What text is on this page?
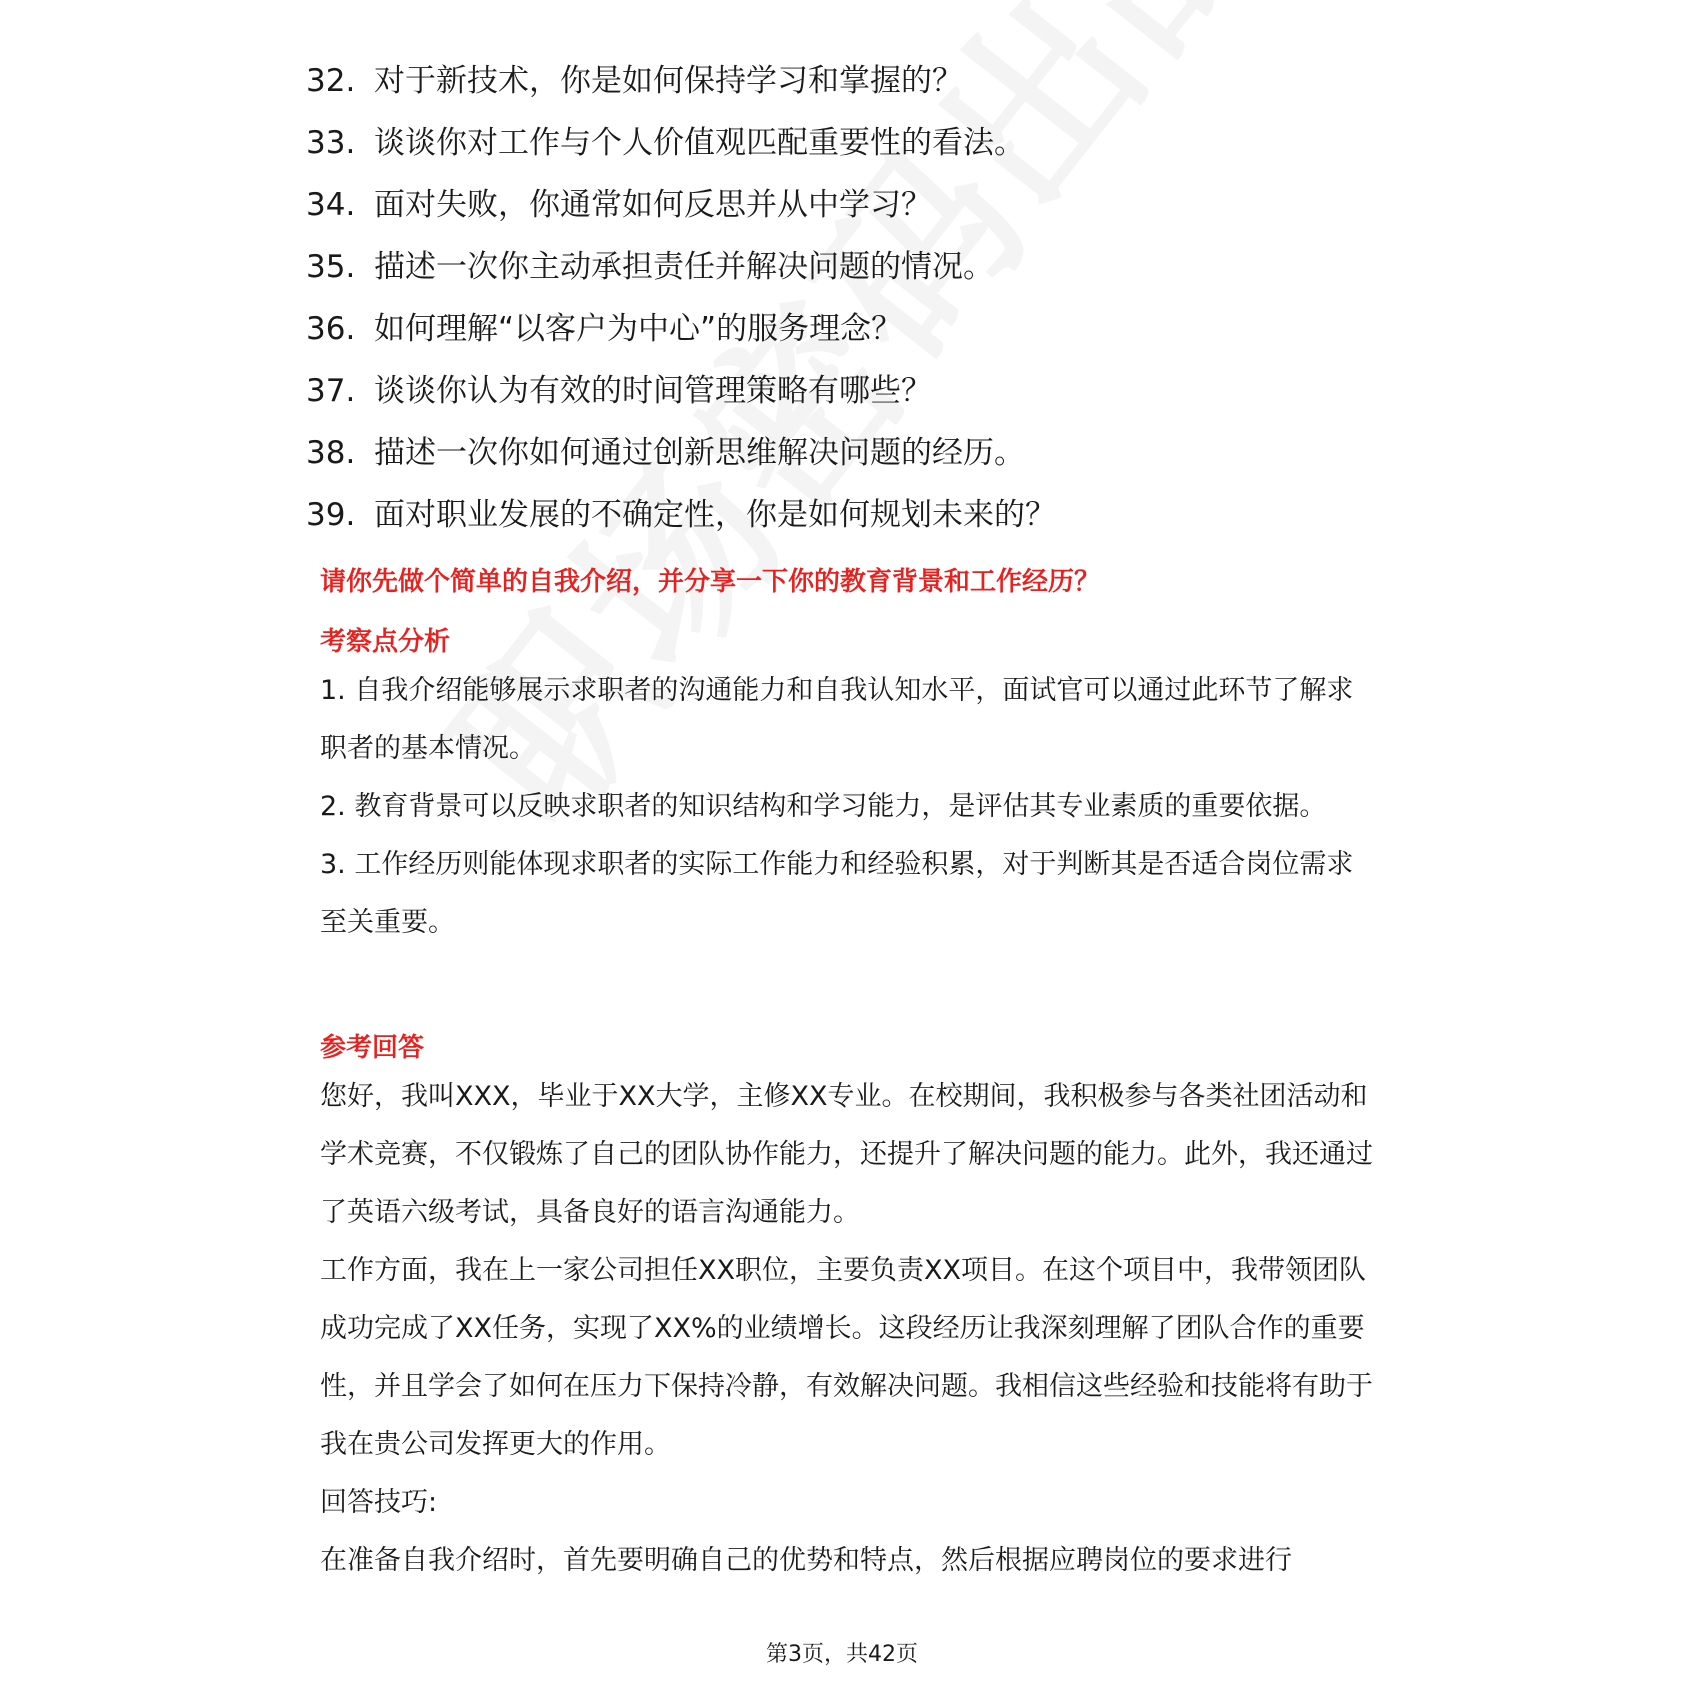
32. 对于新技术，你是如何保持学习和掌握的？
33. 谈谈你对工作与个人价值观匹配重要性的看法。
34. 面对失败，你通常如何反思并从中学习？
35. 描述一次你主动承担责任并解决问题的情况。
36. 如何理解“以客户为中心”的服务理念？
37. 谈谈你认为有效的时间管理策略有哪些？
38. 描述一次你如何通过创新思维解决问题的经历。
39. 面对职业发展的不确定性，你是如何规划未来的？
请你先做个简单的自我介绍，并分享一下你的教育背景和工作经历？
考察点分析

1. 自我介绍能够展示求职者的沟通能力和自我认知水平，面试官可以通过此环节了解求职者的基本情况。

2. 教育背景可以反映求职者的知识结构和学习能力，是评估其专业素质的重要依据。

3. 工作经历则能体现求职者的实际工作能力和经验积累，对于判断其是否适合岗位需求至关重要。

参考回答

您好，我叫XXX，毕业于XX大学，主修XX专业。在校期间，我积极参与各类社团活动和学术竞赛，不仅锻炼了自己的团队协作能力，还提升了解决问题的能力。此外，我还通过了英语六级考试，具备良好的语言沟通能力。

工作方面，我在上一家公司担任XX职位，主要负责XX项目。在这个项目中，我带领团队成功完成了XX任务，实现了XX%的业绩增长。这段经历让我深刻理解了团队合作的重要性，并且学会了如何在压力下保持冷静，有效解决问题。我相信这些经验和技能将有助于我在贵公司发挥更大的作用。

回答技巧:

在准备自我介绍时，首先要明确自己的优势和特点，然后根据应聘岗位的要求进行

第3页，共42页
